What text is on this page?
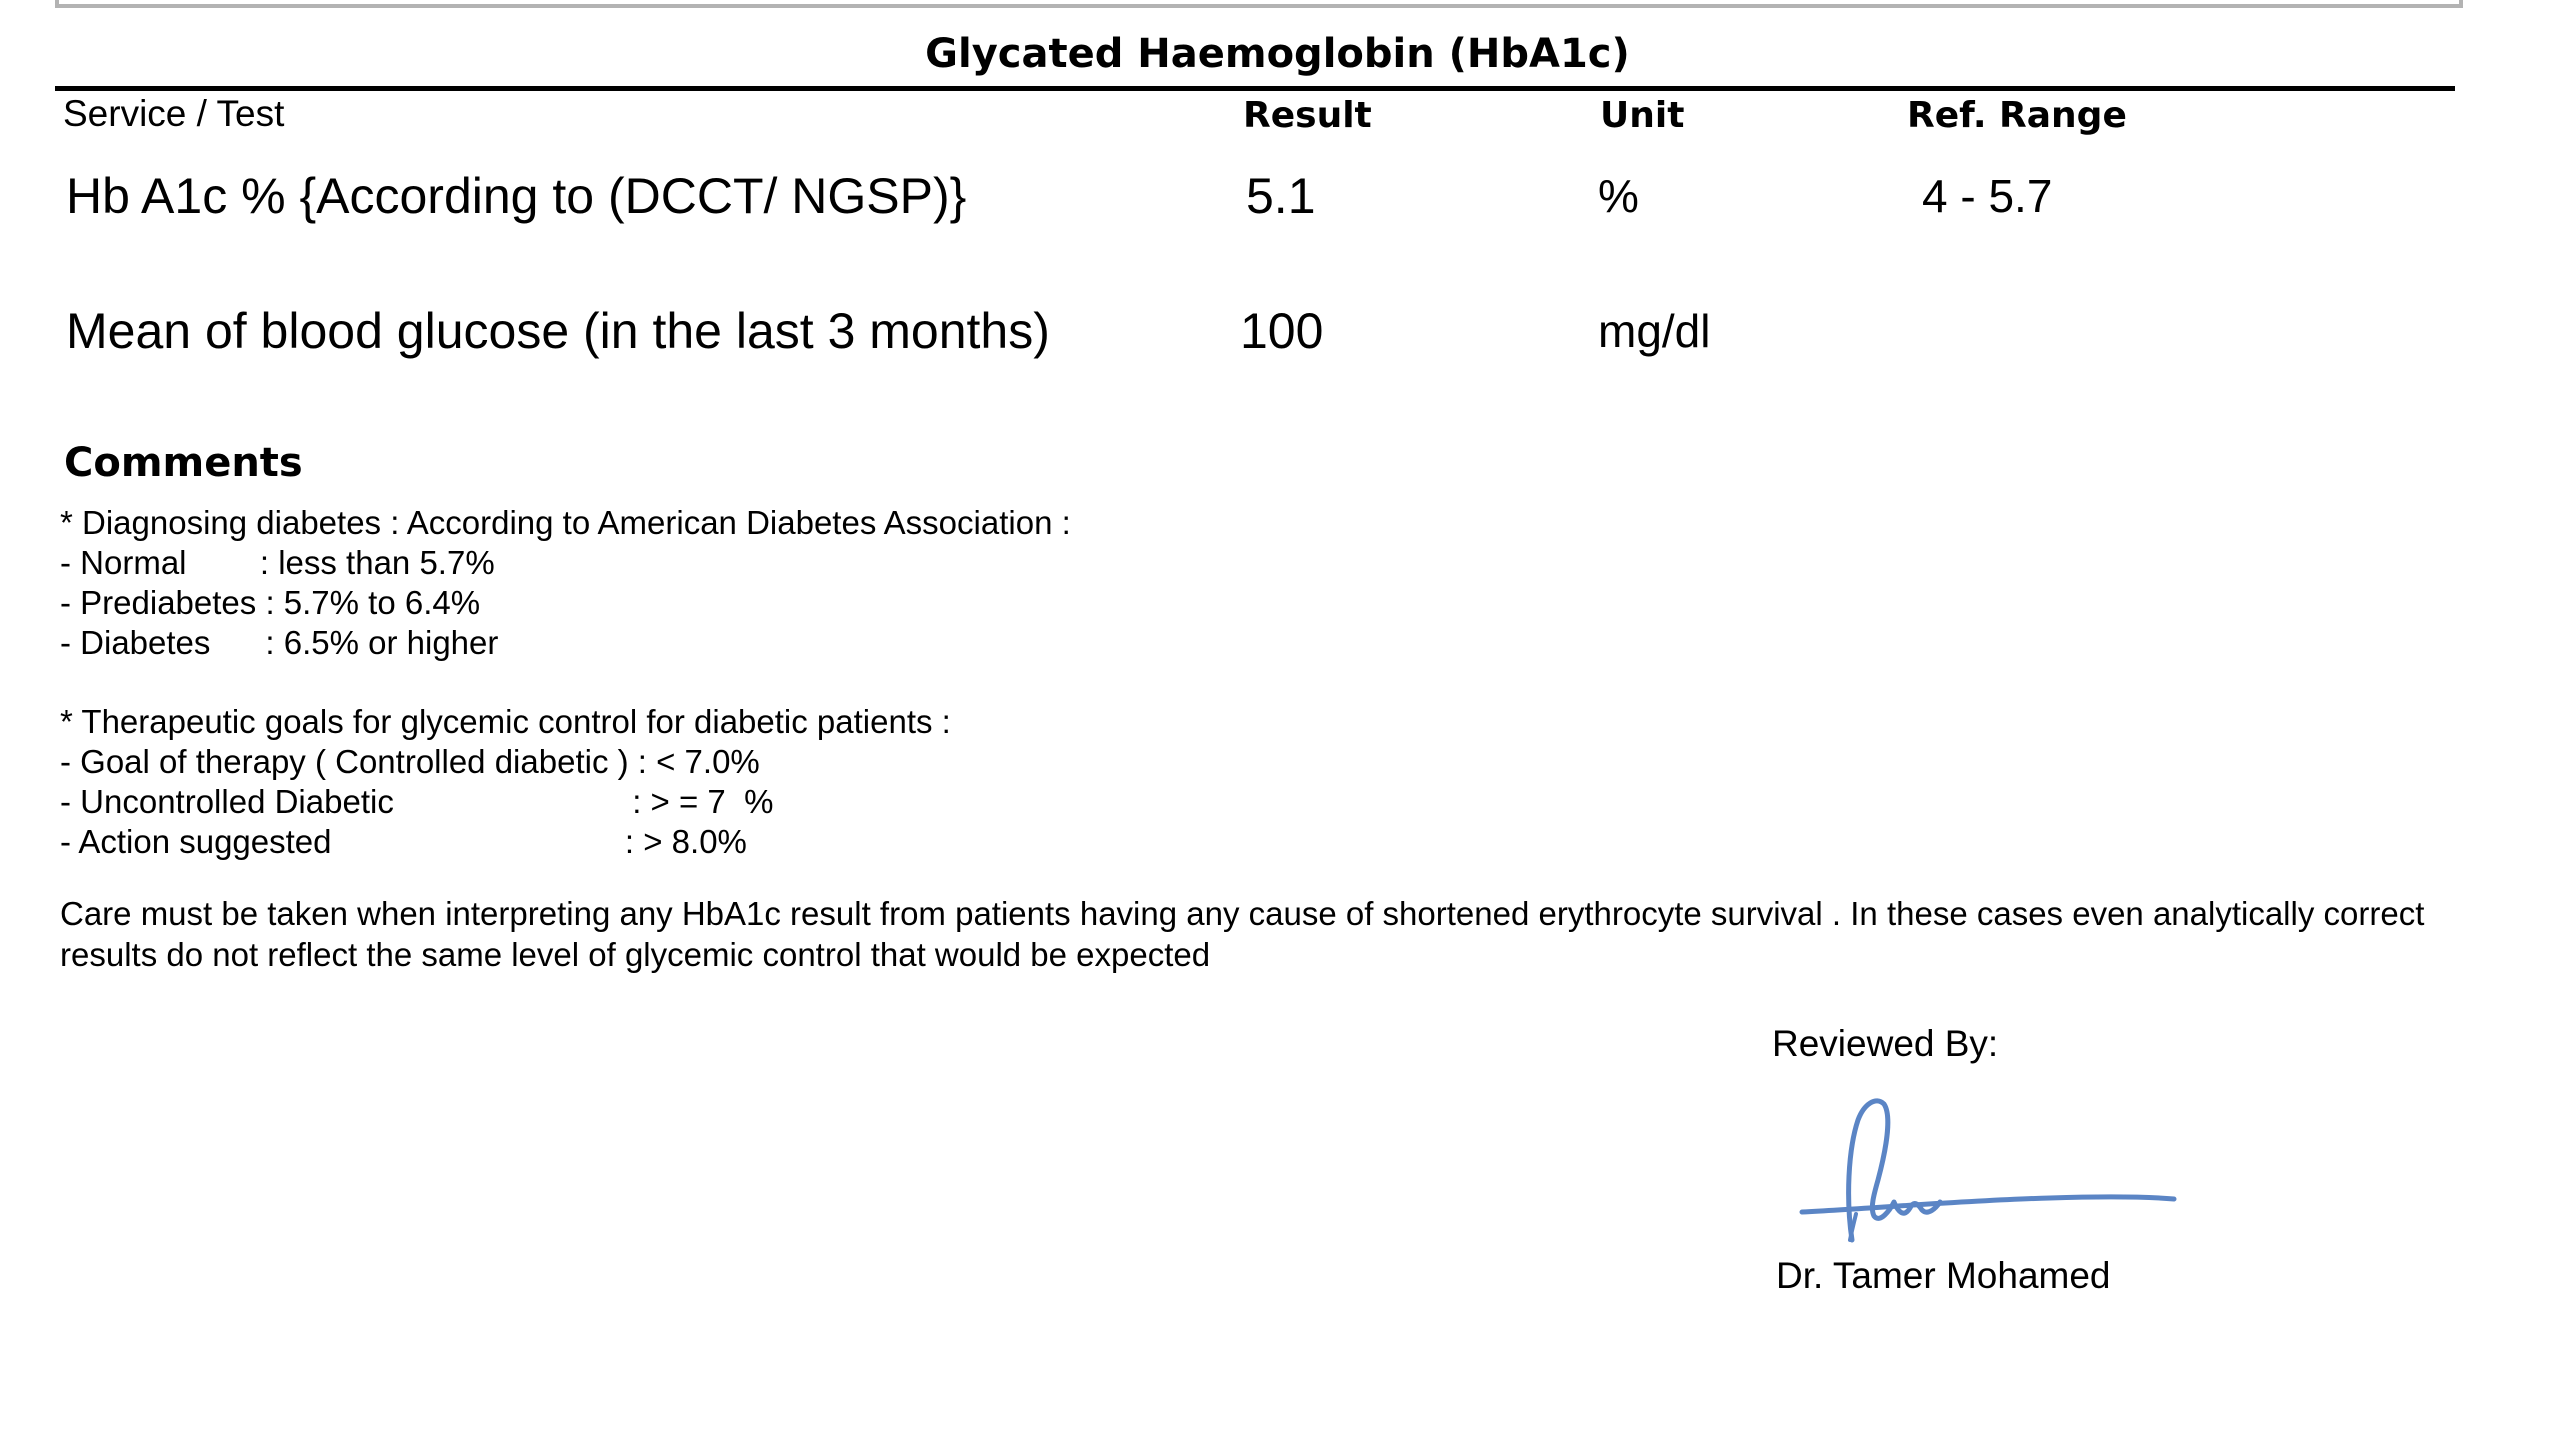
Glycated Haemoglobin (HbA1c)
Service / Test	Result	Unit	Ref. Range
Hb A1c % {According to (DCCT/ NGSP)}	5.1	%	4 - 5.7
Mean of blood glucose (in the last 3 months)	100	mg/dl
Comments
* Diagnosing diabetes : According to American Diabetes Association :
- Normal        : less than 5.7%
- Prediabetes : 5.7% to 6.4%
- Diabetes      : 6.5% or higher
* Therapeutic goals for glycemic control for diabetic patients :
- Goal of therapy ( Controlled diabetic ) : < 7.0%
- Uncontrolled Diabetic                          : > = 7  %
- Action suggested                                : > 8.0%
Care must be taken when interpreting any HbA1c result from patients having any cause of shortened erythrocyte survival . In these cases even analytically correct results do not reflect the same level of glycemic control that would be expected
Reviewed By:
Dr. Tamer Mohamed
